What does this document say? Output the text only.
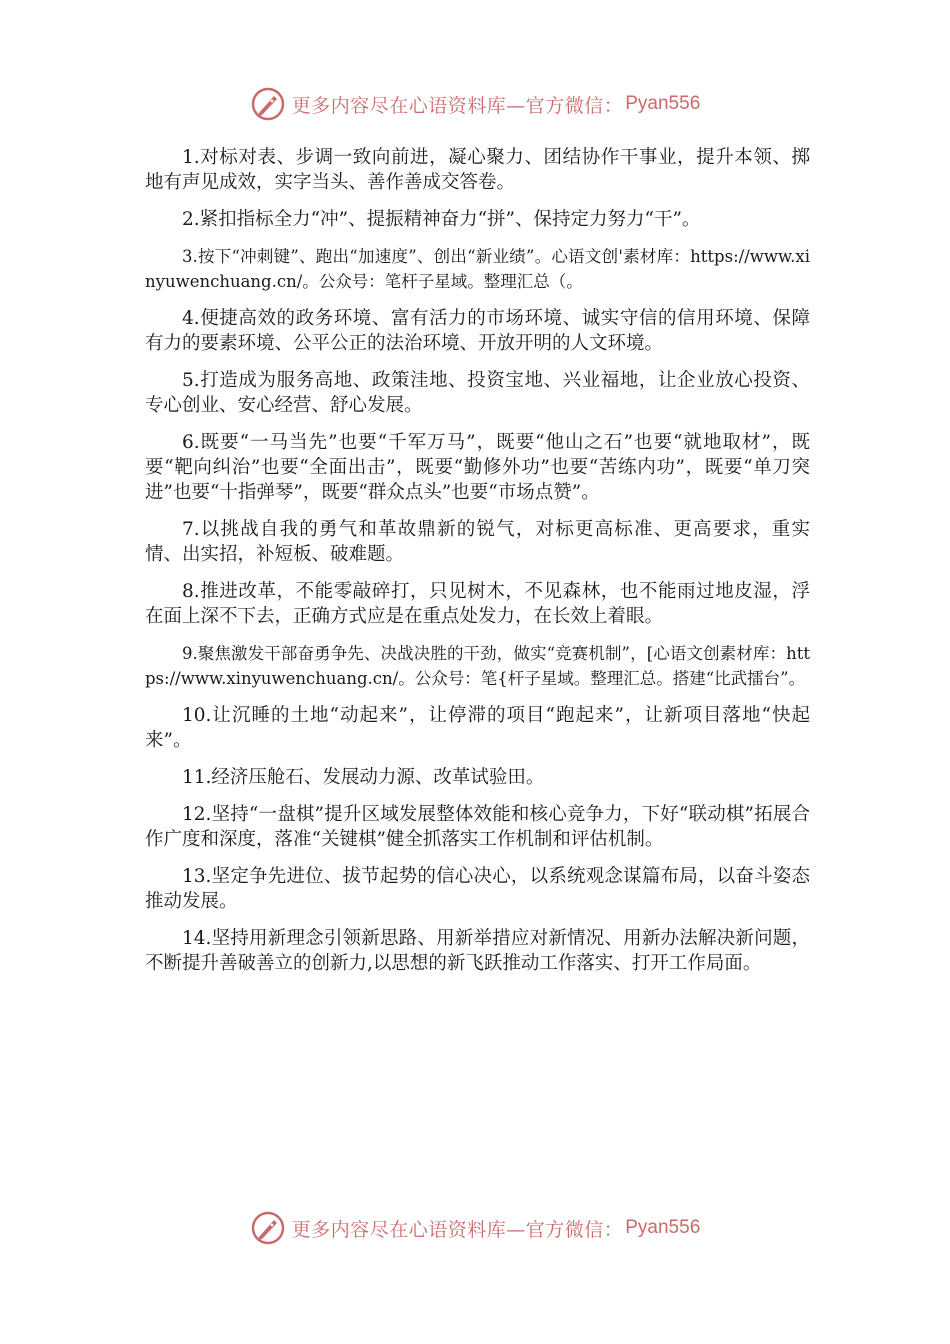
更多内容尽在心语资料库—官方微信： Pyan556

1.对标对表、步调一致向前进，凝心聚力、团结协作干事业，提升本领、掷地有声见成效，实字当头、善作善成交答卷。

2.紧扣指标全力“冲”、提振精神奋力“拼”、保持定力努力“干”。

3.按下“冲刺键”、跑出“加速度”、创出“新业绩”。心语文创'素材库：https://www.xinyuwenchuang.cn/。公众号：笔杆子星域。整理汇总（。

4.便捷高效的政务环境、富有活力的市场环境、诚实守信的信用环境、保障有力的要素环境、公平公正的法治环境、开放开明的人文环境。

5.打造成为服务高地、政策洼地、投资宝地、兴业福地，让企业放心投资、专心创业、安心经营、舒心发展。

6.既要“一马当先”也要“千军万马”，既要“他山之石”也要“就地取材”，既要“靶向纠治”也要“全面出击”，既要“勤修外功”也要“苦练内功”，既要“单刀突进”也要“十指弹琴”，既要“群众点头”也要“市场点赞”。

7.以挑战自我的勇气和革故鼎新的锐气，对标更高标准、更高要求，重实情、出实招，补短板、破难题。

8.推进改革，不能零敲碎打，只见树木，不见森林，也不能雨过地皮湿，浮在面上深不下去，正确方式应是在重点处发力，在长效上着眼。

9.聚焦激发干部奋勇争先、决战决胜的干劲，做实“竞赛机制”，[心语文创素材库：https://www.xinyuwenchuang.cn/。公众号：笔{杆子星域。整理汇总。搭建“比武擂台”。

10.让沉睡的土地“动起来”，让停滞的项目“跑起来”，让新项目落地“快起来”。

11.经济压舱石、发展动力源、改革试验田。

12.坚持“一盘棋”提升区域发展整体效能和核心竞争力，下好“联动棋”拓展合作广度和深度，落准“关键棋”健全抓落实工作机制和评估机制。

13.坚定争先进位、拔节起势的信心决心，以系统观念谋篇布局，以奋斗姿态推动发展。

14.坚持用新理念引领新思路、用新举措应对新情况、用新办法解决新问题，不断提升善破善立的创新力,以思想的新飞跃推动工作落实、打开工作局面。

更多内容尽在心语资料库—官方微信： Pyan556
